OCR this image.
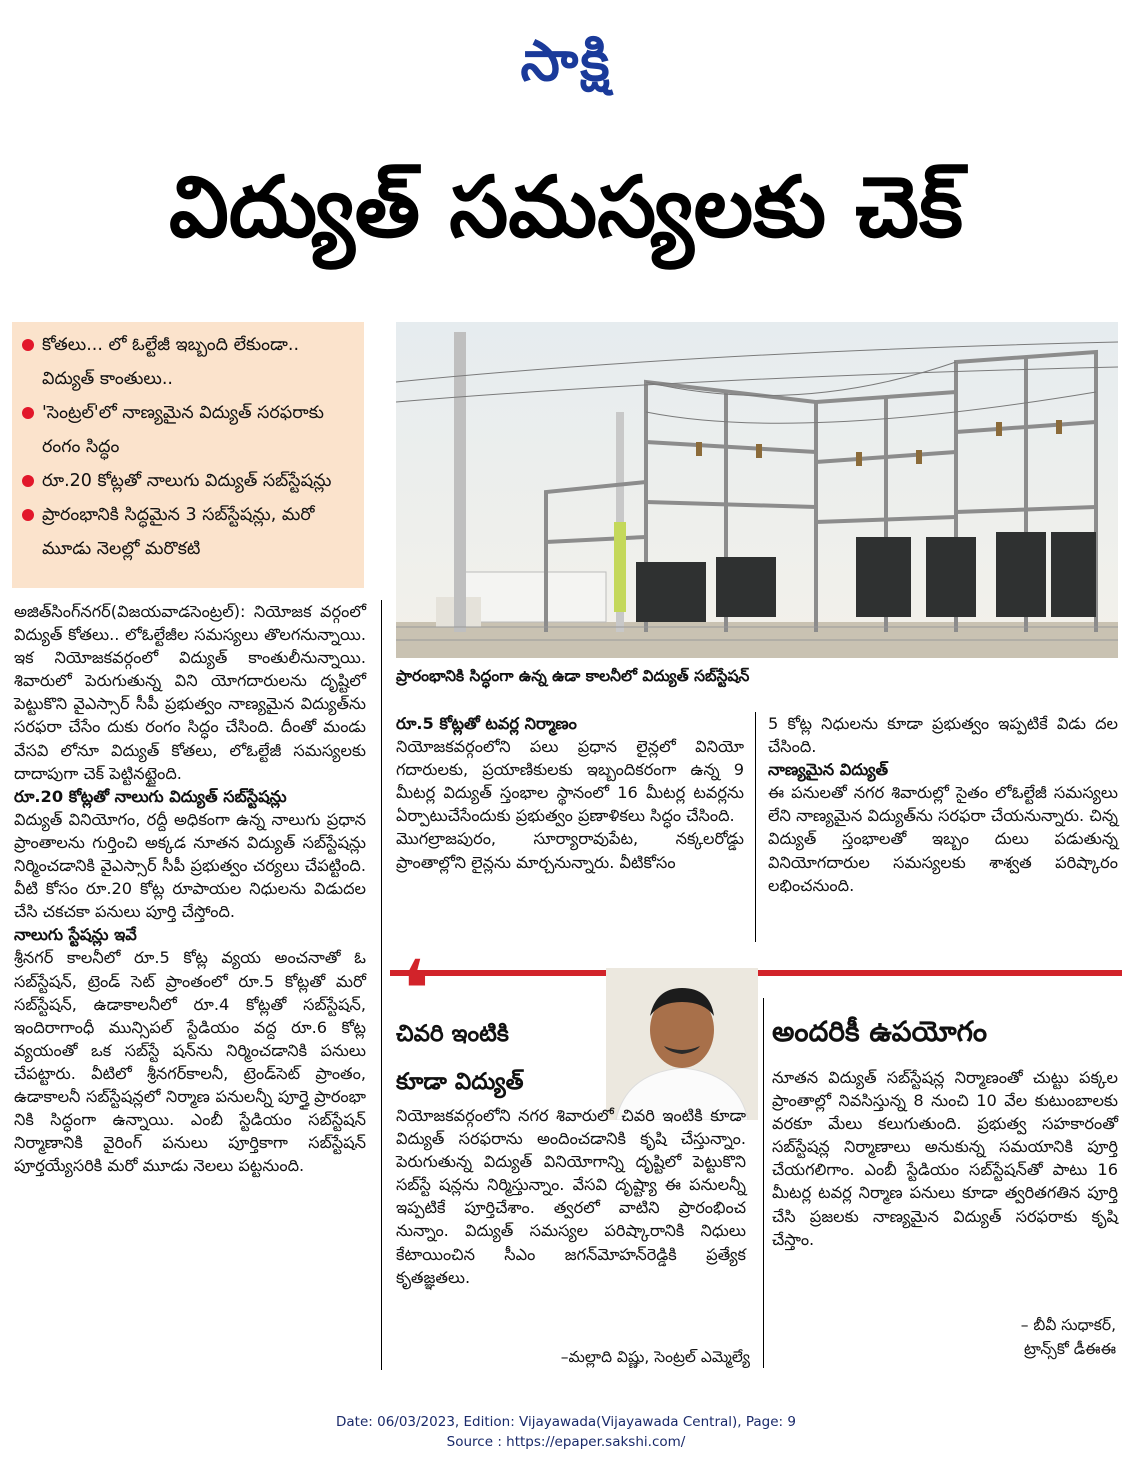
సాక్షి
విద్యుత్ సమస్యలకు చెక్
కోతలు... లో ఓల్టేజీ ఇబ్బంది లేకుండా.. విద్యుత్ కాంతులు..
'సెంట్రల్'లో నాణ్యమైన విద్యుత్ సరఫరాకు రంగం సిద్ధం
రూ.20 కోట్లతో నాలుగు విద్యుత్ సబ్‌స్టేషన్లు
ప్రారంభానికి సిద్ధమైన 3 సబ్‌స్టేషన్లు, మరో మూడు నెలల్లో మరొకటి

అజిత్‌సింగ్‌నగర్(విజయవాడసెంట్రల్): నియోజక వర్గంలో విద్యుత్ కోతలు.. లోఓల్టేజీల సమస్యలు తొలగనున్నాయి. ఇక నియోజకవర్గంలో విద్యుత్ కాంతులీనున్నాయి. శివారులో పెరుగుతున్న విని యోగదారులను దృష్టిలో పెట్టుకొని వైఎస్సార్ సీపీ ప్రభుత్వం నాణ్యమైన విద్యుత్‌ను సరఫరా చేసేం దుకు రంగం సిద్ధం చేసింది. దీంతో మండు వేసవి లోనూ విద్యుత్ కోతలు, లోఓల్టేజీ సమస్యలకు దాదాపుగా చెక్ పెట్టినట్టైంది.

రూ.20 కోట్లతో నాలుగు విద్యుత్ సబ్‌స్టేషన్లు

విద్యుత్ వినియోగం, రద్దీ అధికంగా ఉన్న నాలుగు ప్రధాన ప్రాంతాలను గుర్తించి అక్కడ నూతన విద్యుత్ సబ్‌స్టేషన్లు నిర్మించడానికి వైఎస్సార్ సీపీ ప్రభుత్వం చర్యలు చేపట్టింది. వీటి కోసం రూ.20 కోట్ల రూపాయల నిధులను విడుదల చేసి చకచకా పనులు పూర్తి చేస్తోంది.

నాలుగు స్టేషన్లు ఇవే

శ్రీనగర్ కాలనీలో రూ.5 కోట్ల వ్యయ అంచనాతో ఓ సబ్‌స్టేషన్, ట్రెండ్ సెట్ ప్రాంతంలో రూ.5 కోట్లతో మరో సబ్‌స్టేషన్, ఉడాకాలనీలో రూ.4 కోట్లతో సబ్‌స్టేషన్, ఇందిరాగాంధీ మున్సిపల్ స్టేడియం వద్ద రూ.6 కోట్ల వ్యయంతో ఒక సబ్‌స్టే షన్‌ను నిర్మించడానికి పనులు చేపట్టారు. వీటిలో శ్రీనగర్‌కాలనీ, ట్రెండ్‌సెట్ ప్రాంతం, ఉడాకాలనీ సబ్‌స్టేషన్లలో నిర్మాణ పనులన్నీ పూర్తై ప్రారంభా నికి సిద్ధంగా ఉన్నాయి. ఎంబీ స్టేడియం సబ్‌స్టేషన్ నిర్మాణానికి వైరింగ్ పనులు పూర్తికాగా సబ్‌స్టేషన్ పూర్తయ్యేసరికి మరో మూడు నెలలు పట్టనుంది.

ప్రారంభానికి సిద్ధంగా ఉన్న ఉడా కాలనీలో విద్యుత్ సబ్‌స్టేషన్

రూ.5 కోట్లతో టవర్ల నిర్మాణం

నియోజకవర్గంలోని పలు ప్రధాన లైన్లలో వినియో గదారులకు, ప్రయాణికులకు ఇబ్బందికరంగా ఉన్న 9 మీటర్ల విద్యుత్ స్తంభాల స్థానంలో 16 మీటర్ల టవర్లను ఏర్పాటుచేసేందుకు ప్రభుత్వం ప్రణాళికలు సిద్ధం చేసింది.

మొగల్రాజపురం, సూర్యారావుపేట, నక్కలరోడ్డు ప్రాంతాల్లోని లైన్లను మార్చనున్నారు. వీటికోసం

5 కోట్ల నిధులను కూడా ప్రభుత్వం ఇప్పటికే విడు దల చేసింది.

నాణ్యమైన విద్యుత్

ఈ పనులతో నగర శివారుల్లో సైతం లోఓల్టేజీ సమస్యలు లేని నాణ్యమైన విద్యుత్‌ను సరఫరా చేయనున్నారు. చిన్న విద్యుత్ స్తంభాలతో ఇబ్బం దులు పడుతున్న వినియోగదారుల సమస్యలకు శాశ్వత పరిష్కారం లభించనుంది.

❛
చివరి ఇంటికి
కూడా విద్యుత్
నియోజకవర్గంలోని నగర శివారులో చివరి ఇంటికి కూడా విద్యుత్ సరఫరాను అందించడానికి కృషి చేస్తున్నాం. పెరుగుతున్న విద్యుత్ వినియోగాన్ని దృష్టిలో పెట్టుకొని సబ్‌స్టే షన్లను నిర్మిస్తున్నాం. వేసవి దృష్ట్యా ఈ పనులన్నీ ఇప్పటికే పూర్తిచేశాం. త్వరలో వాటిని ప్రారంభించ నున్నాం. విద్యుత్ సమస్యల పరిష్కారానికి నిధులు కేటాయించిన సీఎం జగన్‌మోహన్‌రెడ్డికి ప్రత్యేక కృతజ్ఞతలు.
–మల్లాది విష్ణు, సెంట్రల్ ఎమ్మెల్యే
అందరికీ ఉపయోగం
నూతన విద్యుత్ సబ్‌స్టేషన్ల నిర్మాణంతో చుట్టు పక్కల ప్రాంతాల్లో నివసిస్తున్న 8 నుంచి 10 వేల కుటుంబాలకు వరకూ మేలు కలుగుతుంది. ప్రభుత్వ సహకారంతో సబ్‌స్టేషన్ల నిర్మాణాలు అనుకున్న సమయానికి పూర్తి చేయగలిగాం. ఎంబీ స్టేడియం సబ్‌స్టేషన్‌తో పాటు 16 మీటర్ల టవర్ల నిర్మాణ పనులు కూడా త్వరితగతిన పూర్తి చేసి ప్రజలకు నాణ్యమైన విద్యుత్ సరఫరాకు కృషి చేస్తాం.
– బీవీ సుధాకర్,
ట్రాన్స్‌కో డీఈఈ
Date: 06/03/2023, Edition: Vijayawada(Vijayawada Central), Page: 9
Source : https://epaper.sakshi.com/
